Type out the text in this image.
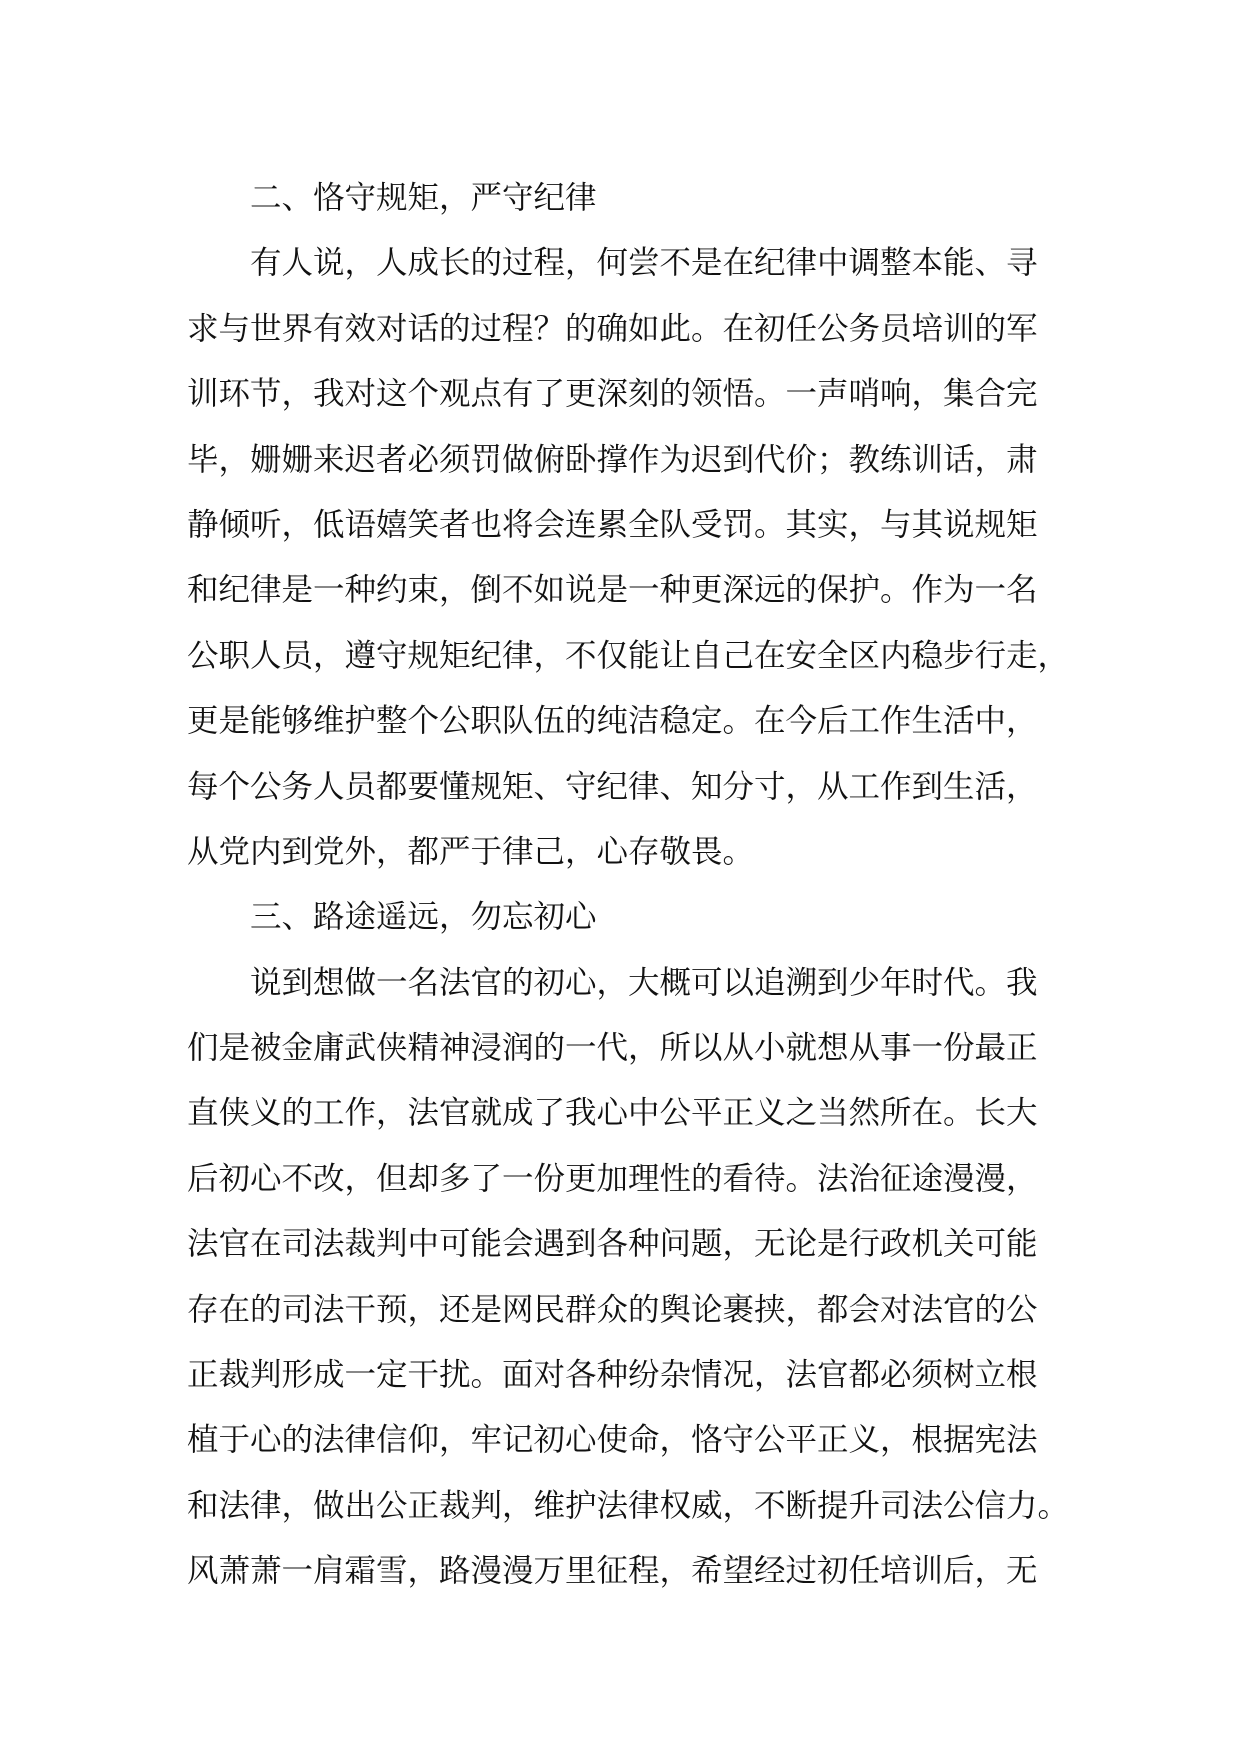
二、恪守规矩，严守纪律
有人说，人成长的过程，何尝不是在纪律中调整本能、寻
求与世界有效对话的过程？的确如此。在初任公务员培训的军
训环节，我对这个观点有了更深刻的领悟。一声哨响，集合完
毕，姗姗来迟者必须罚做俯卧撑作为迟到代价；教练训话，肃
静倾听，低语嬉笑者也将会连累全队受罚。其实，与其说规矩
和纪律是一种约束，倒不如说是一种更深远的保护。作为一名
公职人员，遵守规矩纪律，不仅能让自己在安全区内稳步行走，
更是能够维护整个公职队伍的纯洁稳定。在今后工作生活中，
每个公务人员都要懂规矩、守纪律、知分寸，从工作到生活，
从党内到党外，都严于律己，心存敬畏。
三、路途遥远，勿忘初心
说到想做一名法官的初心，大概可以追溯到少年时代。我
们是被金庸武侠精神浸润的一代，所以从小就想从事一份最正
直侠义的工作，法官就成了我心中公平正义之当然所在。长大
后初心不改，但却多了一份更加理性的看待。法治征途漫漫，
法官在司法裁判中可能会遇到各种问题，无论是行政机关可能
存在的司法干预，还是网民群众的舆论裹挟，都会对法官的公
正裁判形成一定干扰。面对各种纷杂情况，法官都必须树立根
植于心的法律信仰，牢记初心使命，恪守公平正义，根据宪法
和法律，做出公正裁判，维护法律权威，不断提升司法公信力。
风萧萧一肩霜雪，路漫漫万里征程，希望经过初任培训后，无
